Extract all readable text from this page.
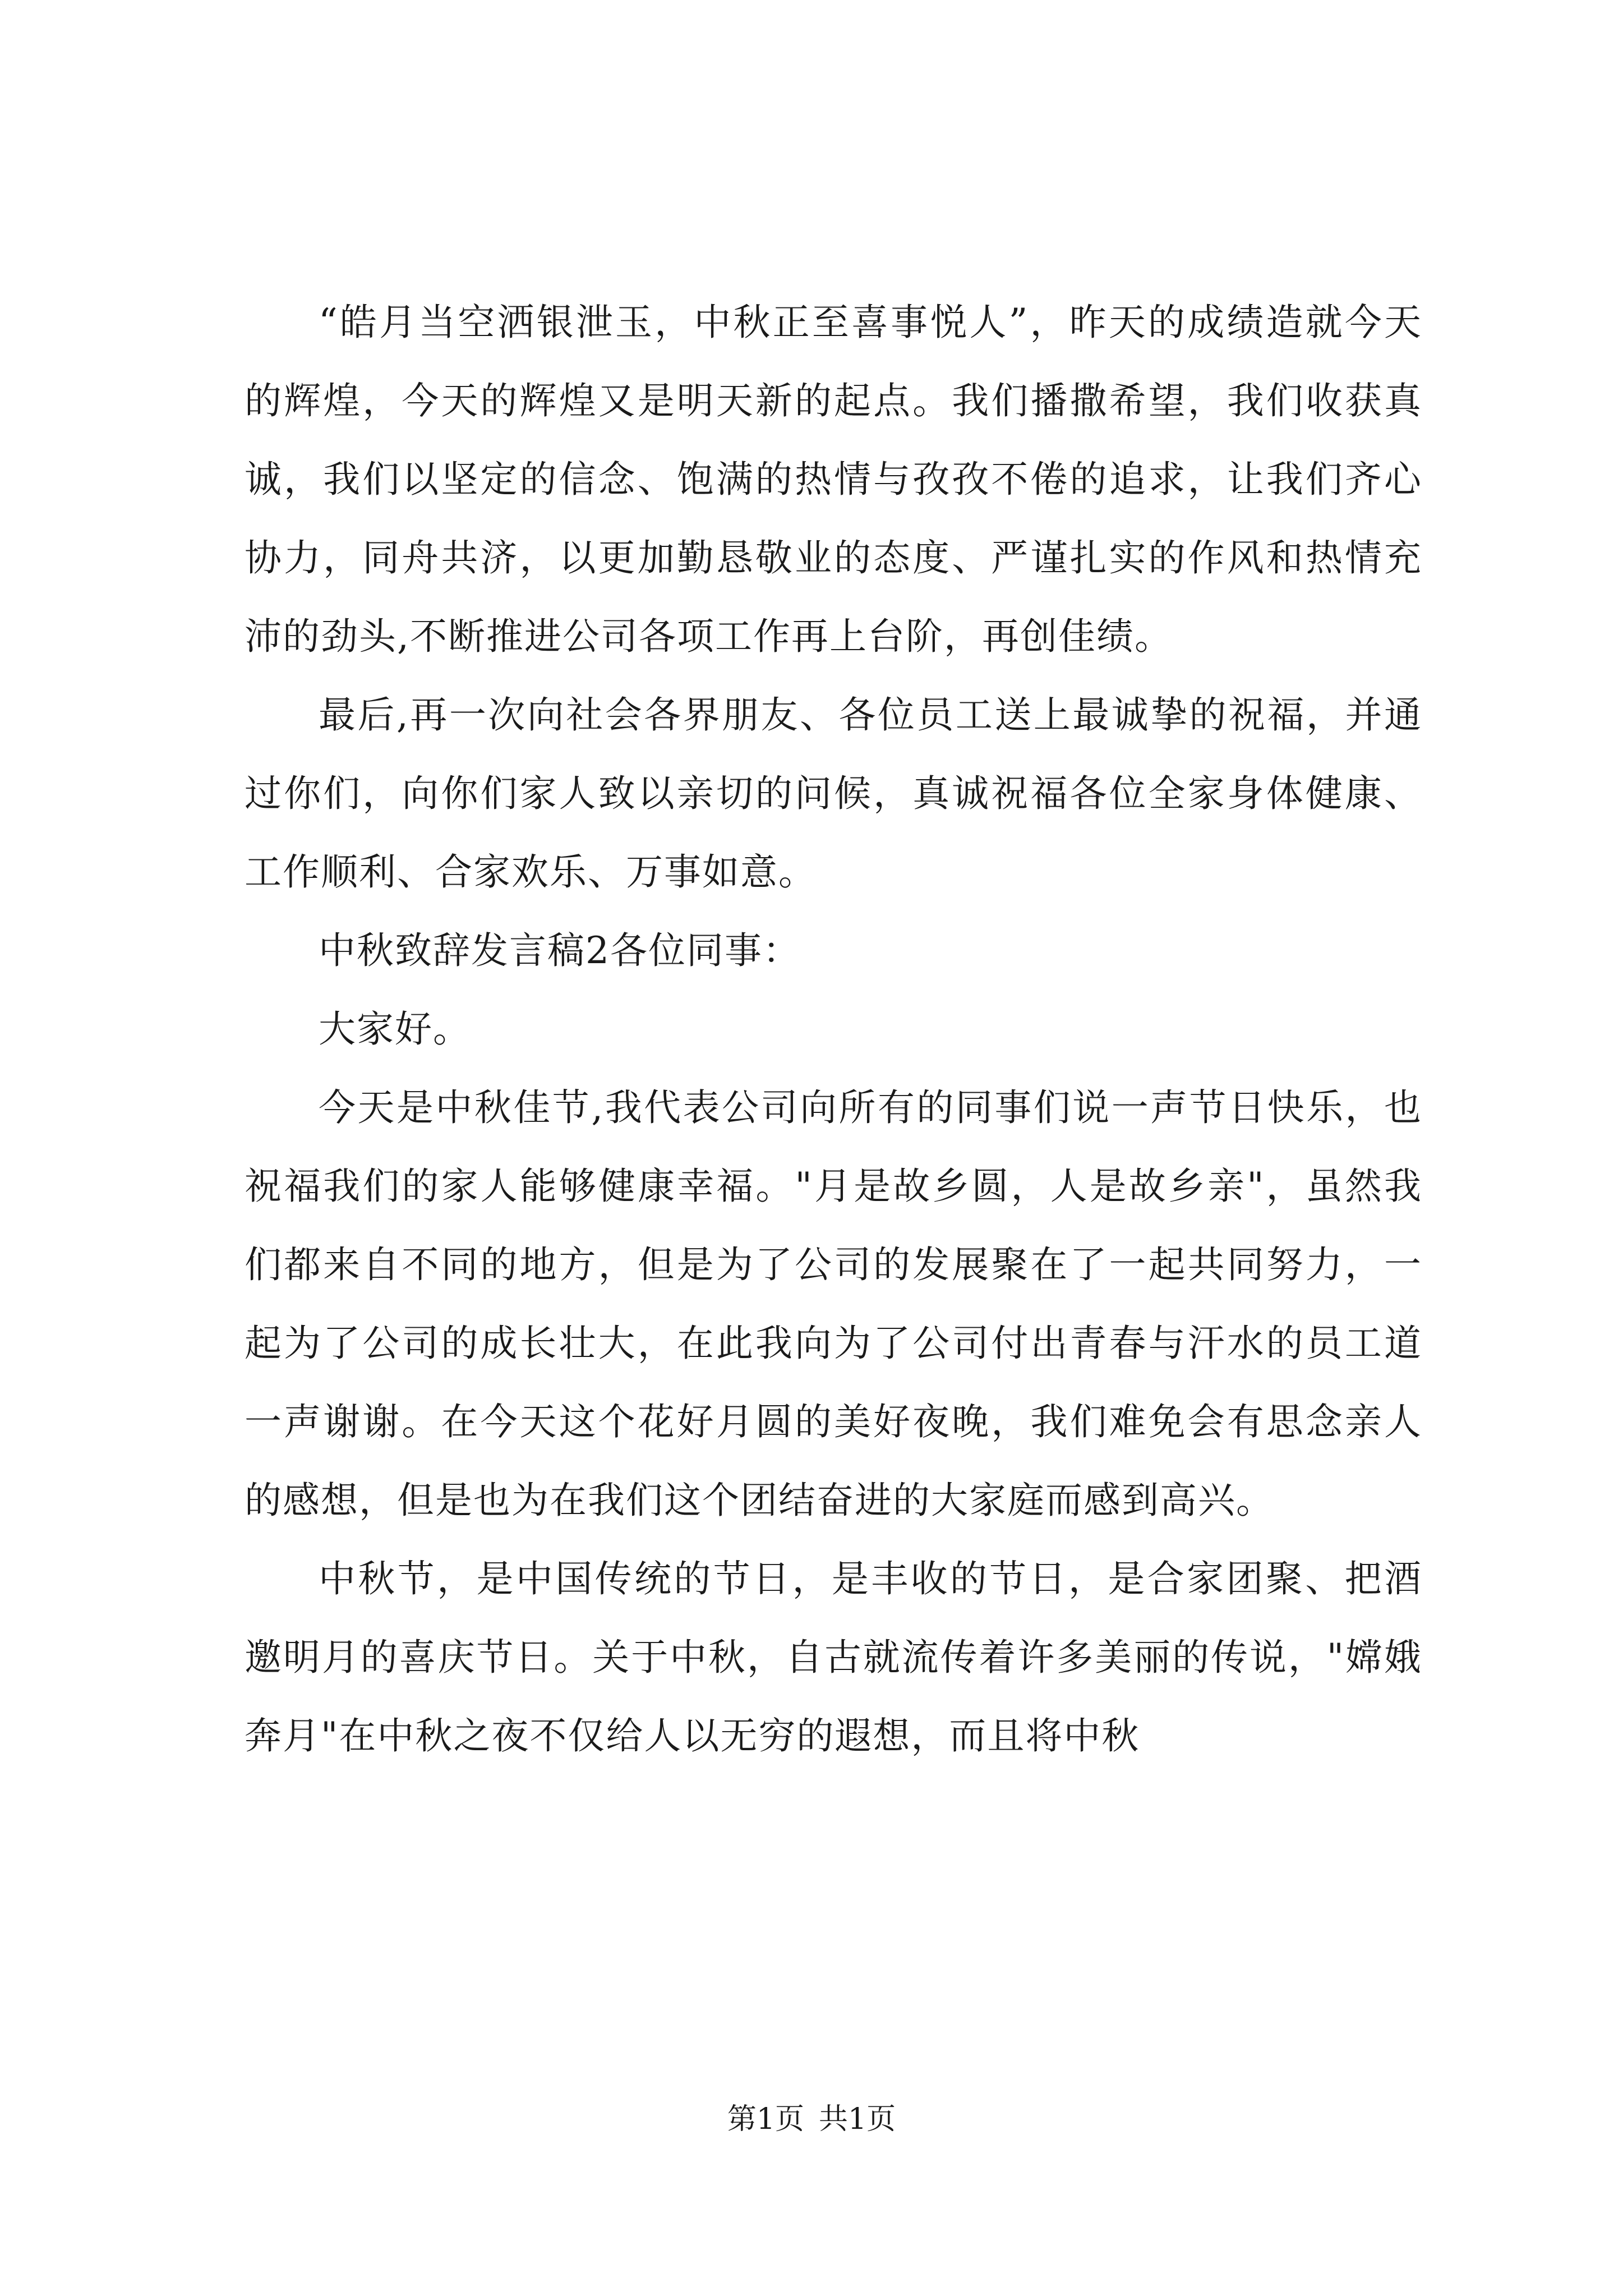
“皓月当空洒银泄玉，中秋正至喜事悦人”，昨天的成绩造就今天的辉煌，今天的辉煌又是明天新的起点。我们播撒希望，我们收获真诚，我们以坚定的信念、饱满的热情与孜孜不倦的追求，让我们齐心协力，同舟共济，以更加勤恳敬业的态度、严谨扎实的作风和热情充沛的劲头,不断推进公司各项工作再上台阶，再创佳绩。

最后,再一次向社会各界朋友、各位员工送上最诚挚的祝福，并通过你们，向你们家人致以亲切的问候，真诚祝福各位全家身体健康、工作顺利、合家欢乐、万事如意。

中秋致辞发言稿2各位同事：

大家好。

今天是中秋佳节,我代表公司向所有的同事们说一声节日快乐，也祝福我们的家人能够健康幸福。"月是故乡圆，人是故乡亲"，虽然我们都来自不同的地方，但是为了公司的发展聚在了一起共同努力，一起为了公司的成长壮大，在此我向为了公司付出青春与汗水的员工道一声谢谢。在今天这个花好月圆的美好夜晚，我们难免会有思念亲人的感想，但是也为在我们这个团结奋进的大家庭而感到高兴。

中秋节，是中国传统的节日，是丰收的节日，是合家团聚、把酒邀明月的喜庆节日。关于中秋，自古就流传着许多美丽的传说，"嫦娥奔月"在中秋之夜不仅给人以无穷的遐想，而且将中秋

第1页 共1页
